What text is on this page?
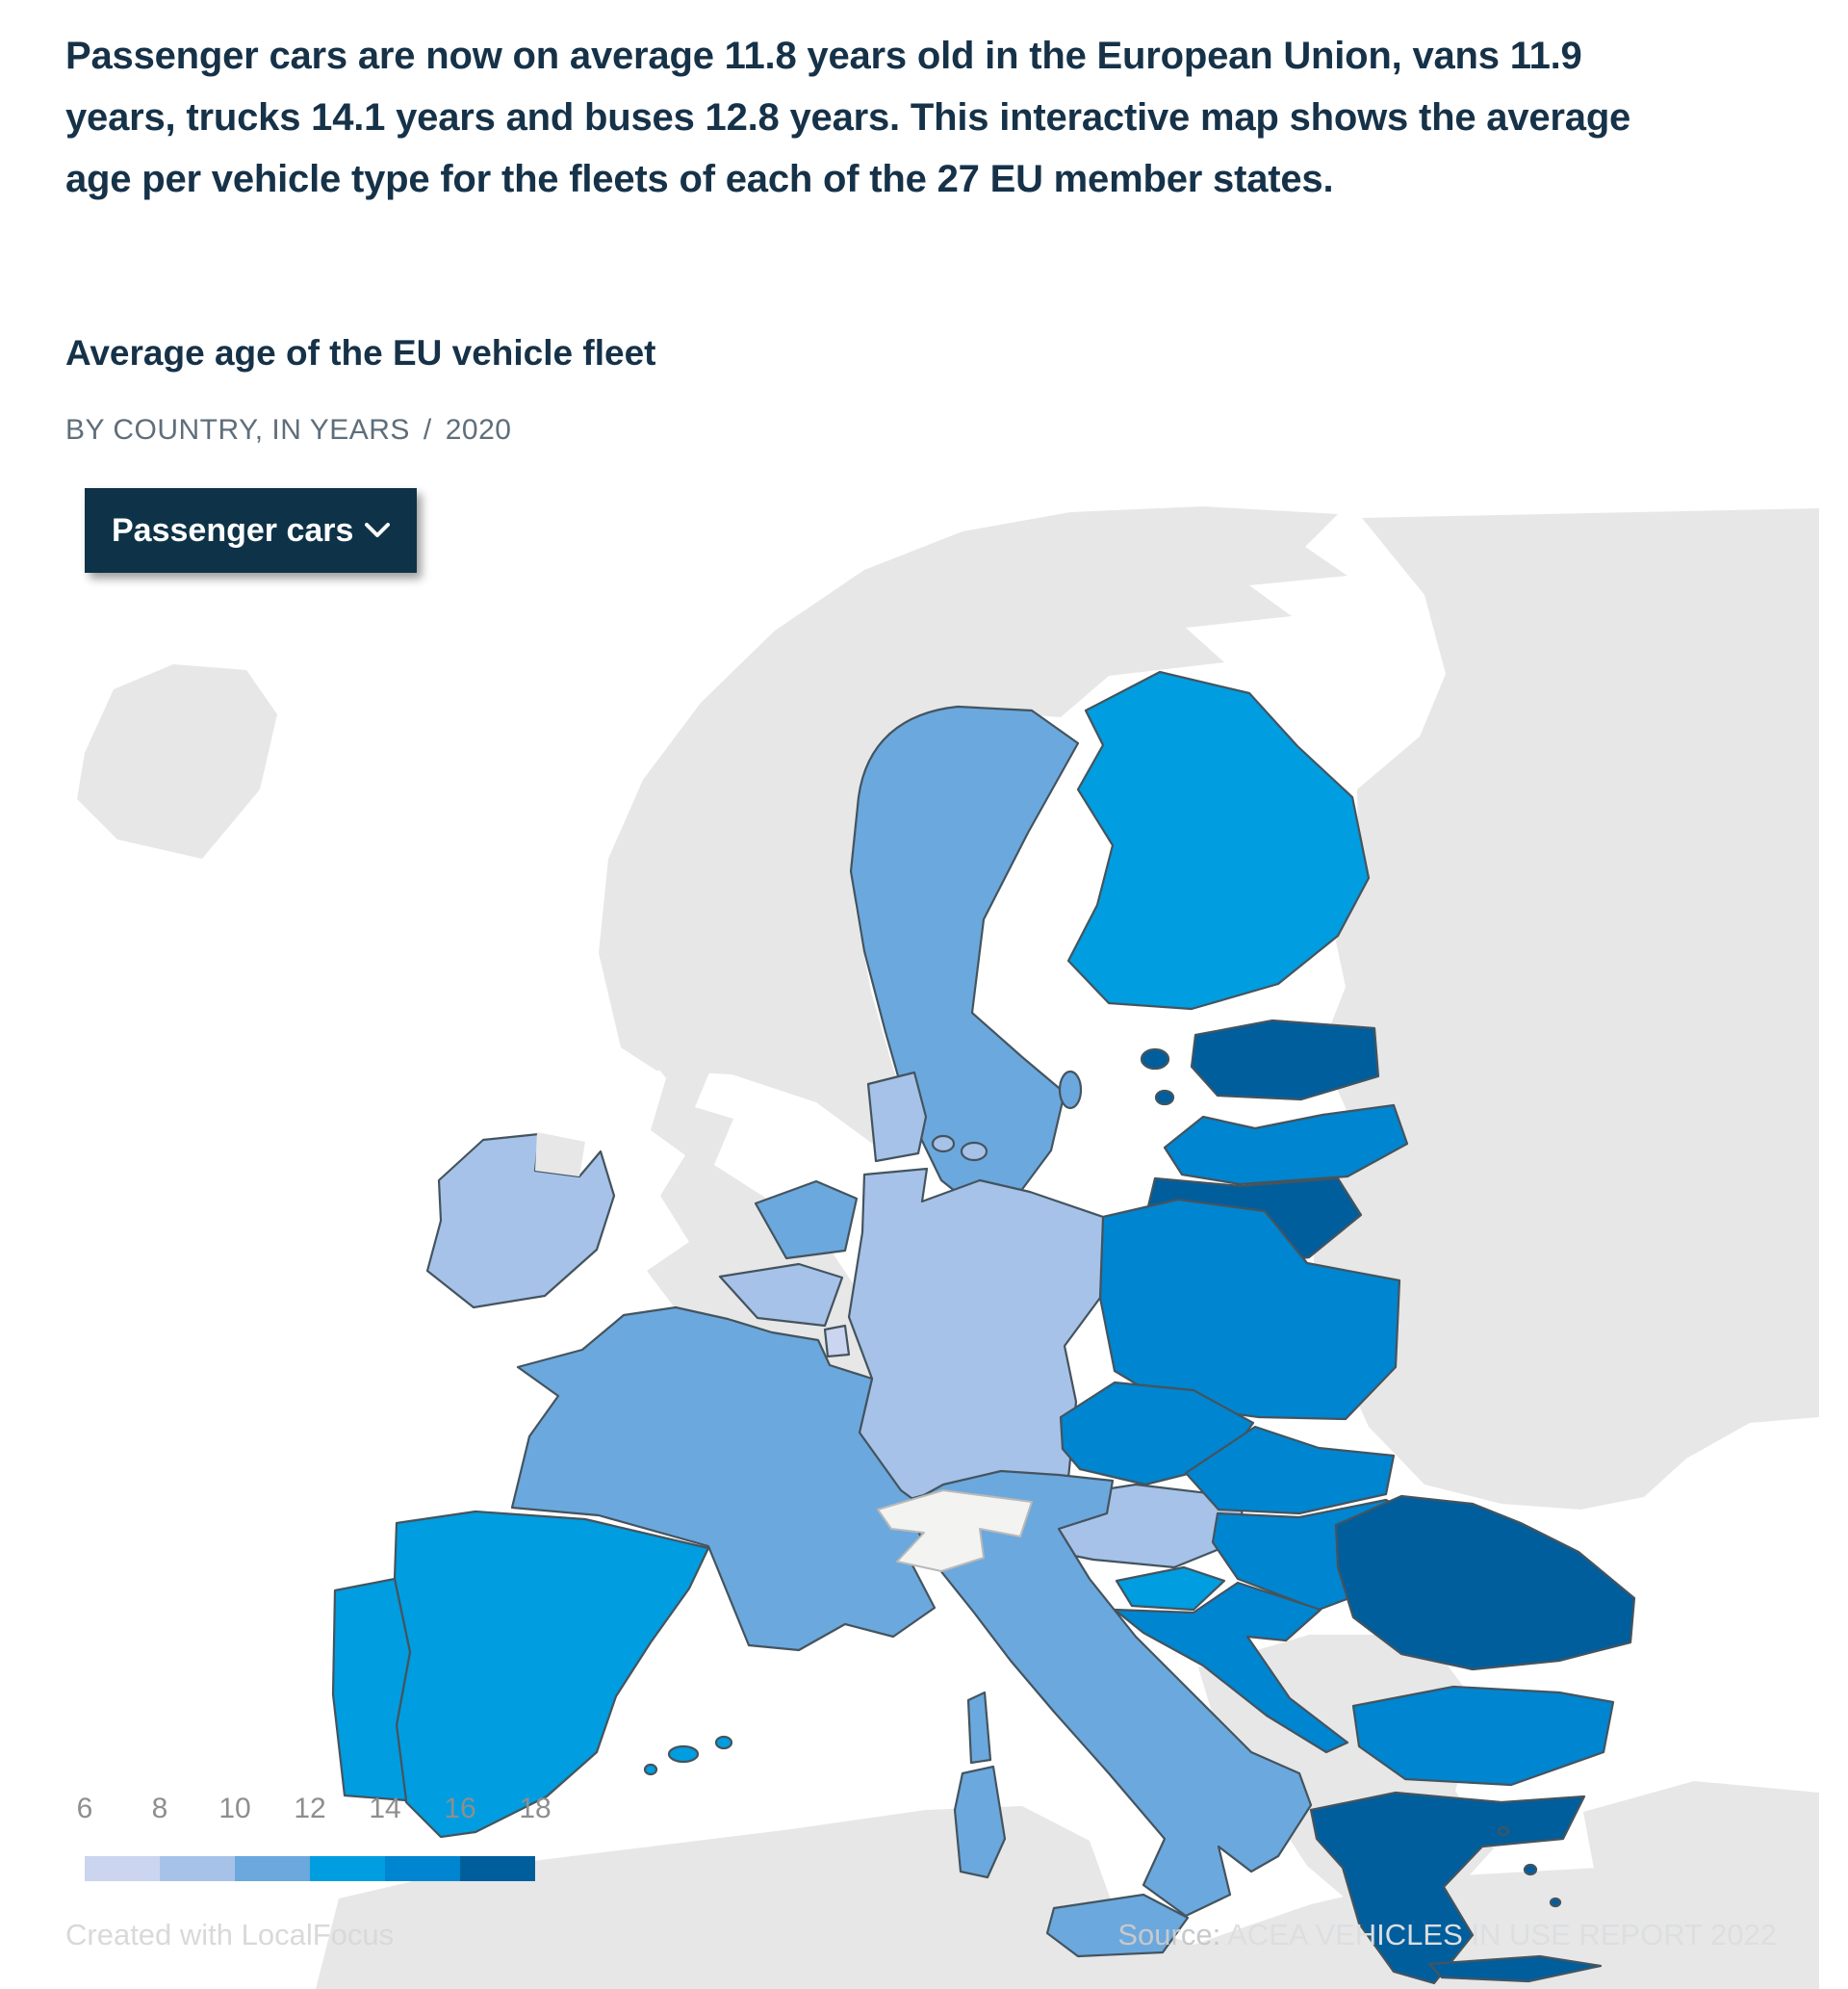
Passenger cars are now on average 11.8 years old in the European Union, vans 11.9
years, trucks 14.1 years and buses 12.8 years. This interactive map shows the average
age per vehicle type for the fleets of each of the 27 EU member states.
Average age of the EU vehicle fleet
BY COUNTRY, IN YEARS / 2020
Passenger cars
6 8 10 12 14 16 18
Created with LocalFocus	Source: ACEA VEHICLES IN USE REPORT 2022
